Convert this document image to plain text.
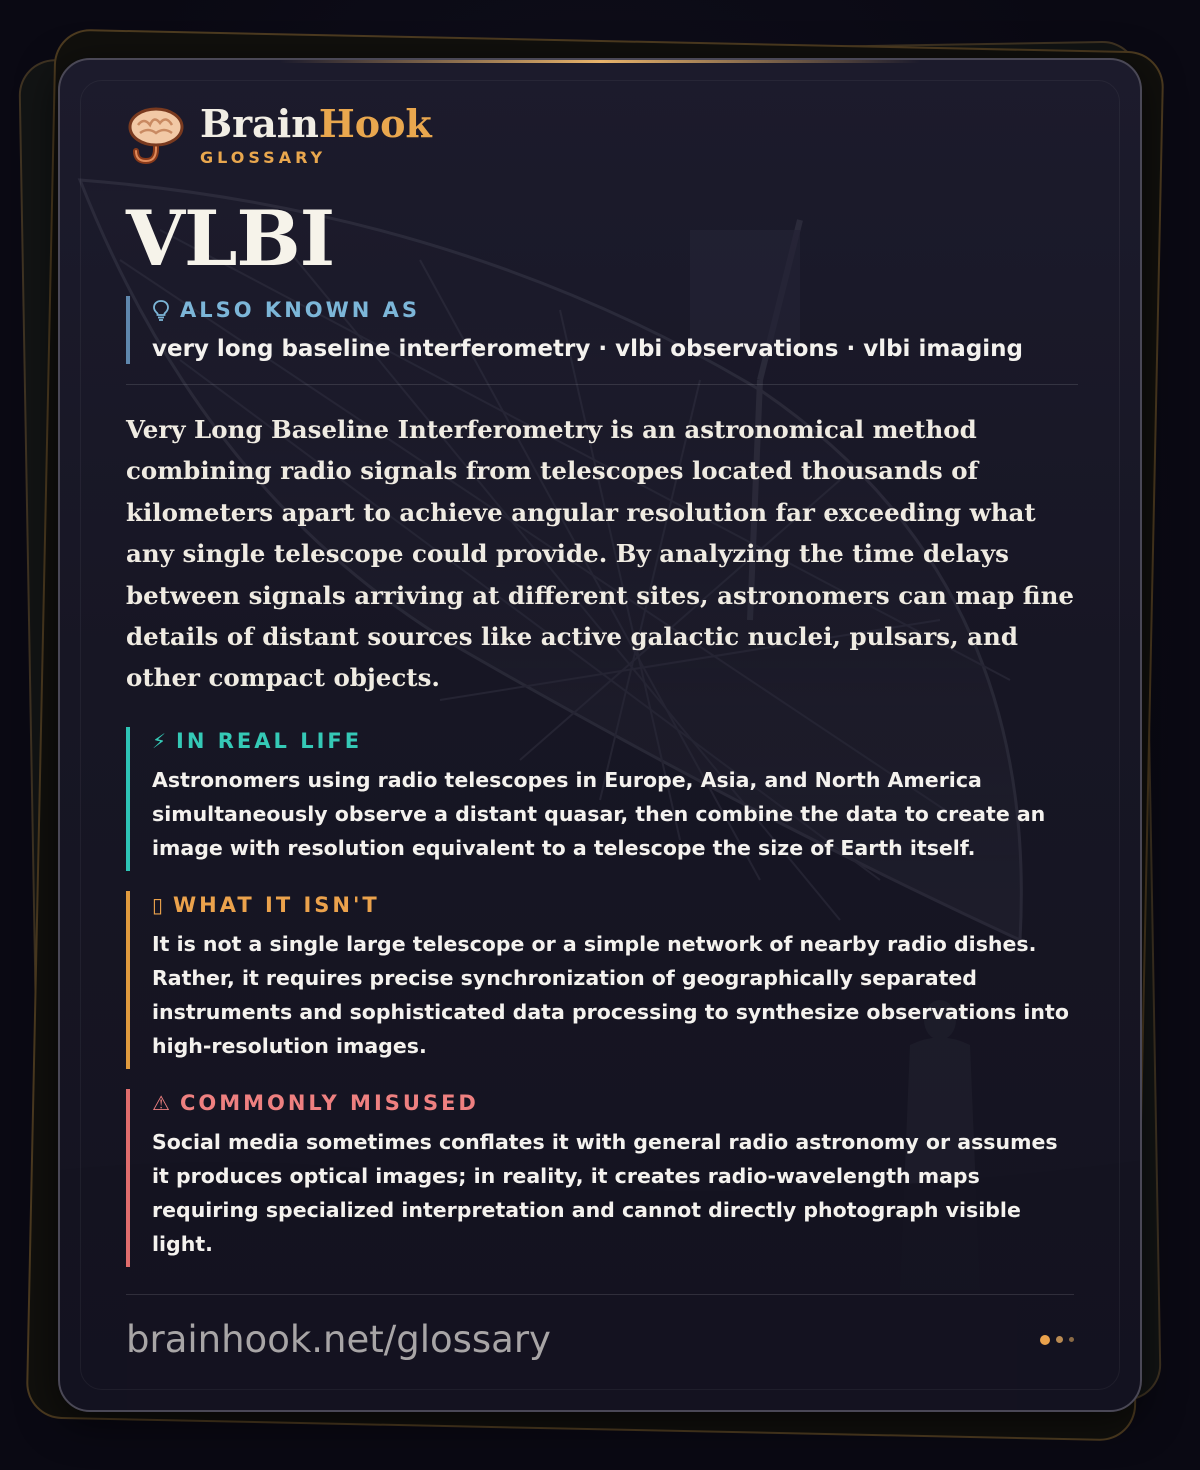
BrainHook
GLOSSARY
VLBI
ALSO KNOWN AS
very long baseline interferometry · vlbi observations · vlbi imaging
Very Long Baseline Interferometry is an astronomical method combining radio signals from telescopes located thousands of kilometers apart to achieve angular resolution far exceeding what any single telescope could provide. By analyzing the time delays between signals arriving at different sites, astronomers can map fine details of distant sources like active galactic nuclei, pulsars, and other compact objects.
⚡ IN REAL LIFE
Astronomers using radio telescopes in Europe, Asia, and North America simultaneously observe a distant quasar, then combine the data to create an image with resolution equivalent to a telescope the size of Earth itself.
▯ WHAT IT ISN'T
It is not a single large telescope or a simple network of nearby radio dishes. Rather, it requires precise synchronization of geographically separated instruments and sophisticated data processing to synthesize observations into high-resolution images.
⚠ COMMONLY MISUSED
Social media sometimes conflates it with general radio astronomy or assumes it produces optical images; in reality, it creates radio-wavelength maps requiring specialized interpretation and cannot directly photograph visible light.
brainhook.net/glossary
